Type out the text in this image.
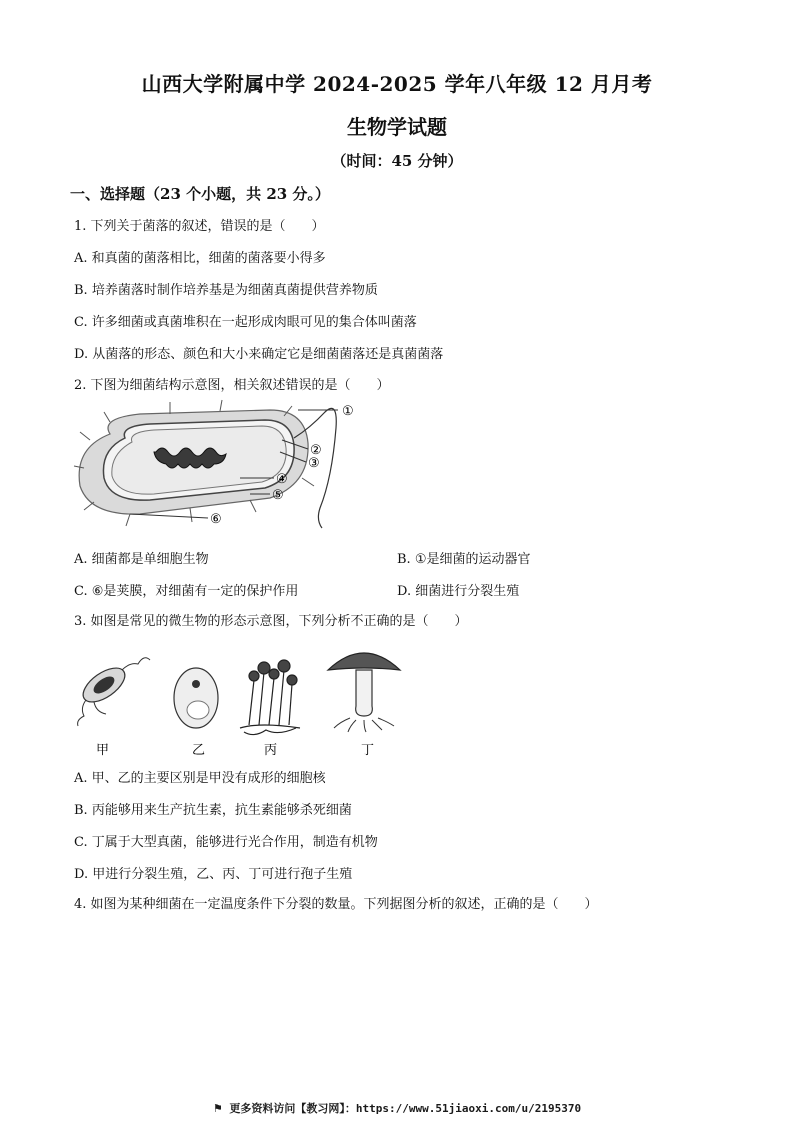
山西大学附属中学 2024-2025 学年八年级 12 月月考
生物学试题
（时间：45 分钟）
一、选择题（23 个小题，共 23 分。）
1. 下列关于菌落的叙述，错误的是（　　）
A. 和真菌的菌落相比，细菌的菌落要小得多
B. 培养菌落时制作培养基是为细菌真菌提供营养物质
C. 许多细菌或真菌堆积在一起形成肉眼可见的集合体叫菌落
D. 从菌落的形态、颜色和大小来确定它是细菌菌落还是真菌菌落
2. 下图为细菌结构示意图，相关叙述错误的是（　　）
①
②
③
④
⑤
⑥
A. 细菌都是单细胞生物	B. ①是细菌的运动器官
C. ⑥是荚膜，对细菌有一定的保护作用	D. 细菌进行分裂生殖
3. 如图是常见的微生物的形态示意图，下列分析不正确的是（　　）
甲	乙	丙	丁
A. 甲、乙的主要区别是甲没有成形的细胞核
B. 丙能够用来生产抗生素，抗生素能够杀死细菌
C. 丁属于大型真菌，能够进行光合作用，制造有机物
D. 甲进行分裂生殖，乙、丙、丁可进行孢子生殖
4. 如图为某种细菌在一定温度条件下分裂的数量。下列据图分析的叙述，正确的是（　　）
⚑ 更多资料访问【教习网】：https://www.51jiaoxi.com/u/2195370
